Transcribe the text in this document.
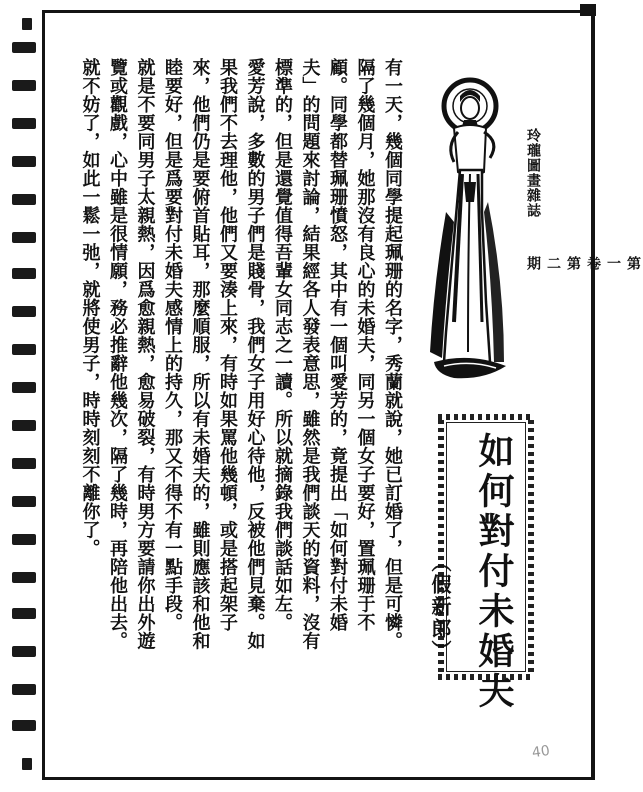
有一天，幾個同學提起珮珊的名字，秀蘭就說，她已訂婚了，但是可憐。
隔了幾個月，她那沒有良心的未婚夫，同另一個女子要好，置珮珊于不
顧。同學都替珮珊憤怒，其中有一個叫愛芳的，竟提出「如何對付未婚
夫」的問題來討論，結果經各人發表意思，雖然是我們談天的資料，沒有
標準的，但是還覺值得吾輩女同志之一讀。所以就摘錄我們談話如左。
愛芳說，多數的男子們是賤骨，我們女子用好心待他，反被他們見棄。如
果我們不去理他，他們又要湊上來，有時如果罵他幾頓，或是搭起架子
來，他們仍是要俯首貼耳，那麼順服，所以有未婚夫的，雖則應該和他和
睦要好，但是爲要對付未婚夫感情上的持久，那又不得不有一點手段。
就是不要同男子太親熱，因爲愈親熱，愈易破裂，有時男方要請你出外遊
覽或觀戲，心中雖是很情願，務必推辭他幾次，隔了幾時，再陪他出去。
就不妨了，如此一鬆一弛，就將使男子，時時刻刻不離你了。	玲瓏圖畫雜誌
第一卷 第二期
如何對付未婚夫
（假新郎）
40
